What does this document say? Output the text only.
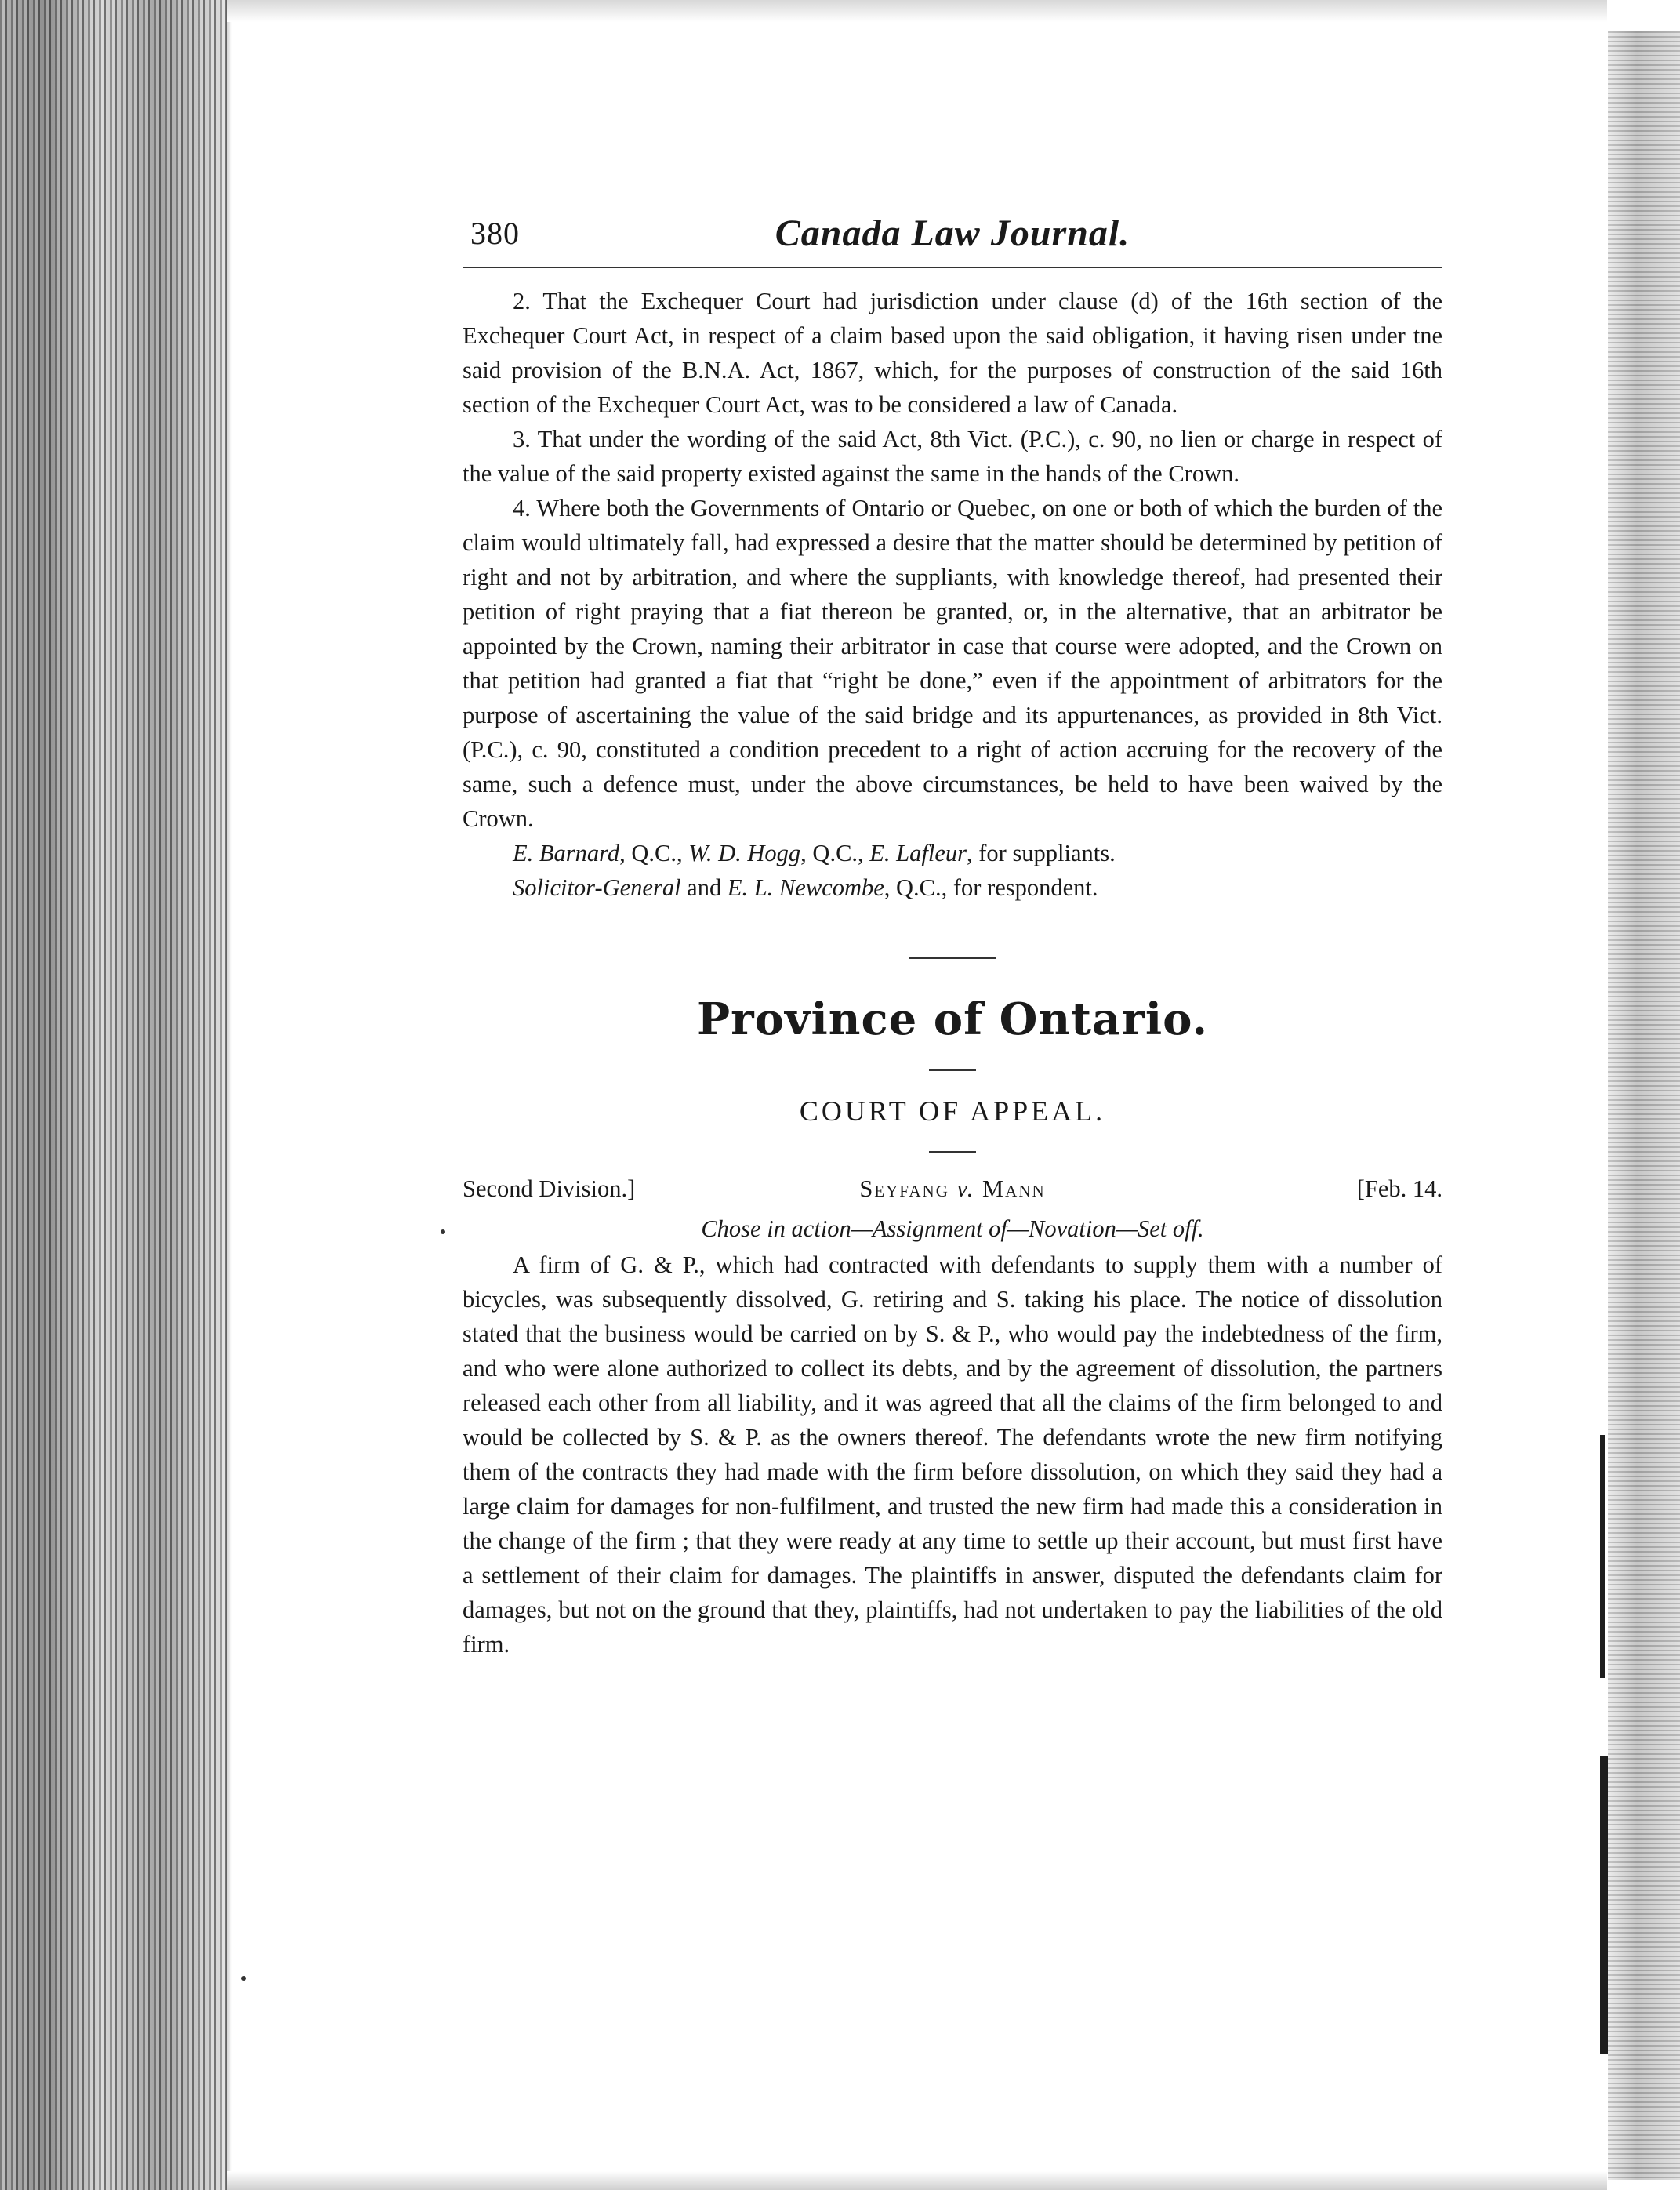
380	Canada Law Journal.

2. That the Exchequer Court had jurisdiction under clause (d) of the 16th section of the Exchequer Court Act, in respect of a claim based upon the said obligation, it having risen under tne said provision of the B.N.A. Act, 1867, which, for the purposes of construction of the said 16th section of the Exchequer Court Act, was to be considered a law of Canada.

3. That under the wording of the said Act, 8th Vict. (P.C.), c. 90, no lien or charge in respect of the value of the said property existed against the same in the hands of the Crown.

4. Where both the Governments of Ontario or Quebec, on one or both of which the burden of the claim would ultimately fall, had expressed a desire that the matter should be determined by petition of right and not by arbitration, and where the suppliants, with knowledge thereof, had presented their petition of right praying that a fiat thereon be granted, or, in the alternative, that an arbitrator be appointed by the Crown, naming their arbitrator in case that course were adopted, and the Crown on that petition had granted a fiat that “right be done,” even if the appointment of arbitrators for the purpose of ascertaining the value of the said bridge and its appurtenances, as provided in 8th Vict. (P.C.), c. 90, constituted a condition precedent to a right of action accruing for the recovery of the same, such a defence must, under the above circumstances, be held to have been waived by the Crown.

E. Barnard, Q.C., W. D. Hogg, Q.C., E. Lafleur, for suppliants.

Solicitor-General and E. L. Newcombe, Q.C., for respondent.

Province of Ontario.
COURT OF APPEAL.
Second Division.]	Seyfang v. Mann	[Feb. 14.
Chose in action—Assignment of—Novation—Set off.

A firm of G. & P., which had contracted with defendants to supply them with a number of bicycles, was subsequently dissolved, G. retiring and S. taking his place. The notice of dissolution stated that the business would be carried on by S. & P., who would pay the indebtedness of the firm, and who were alone authorized to collect its debts, and by the agreement of dissolution, the partners released each other from all liability, and it was agreed that all the claims of the firm belonged to and would be collected by S. & P. as the owners thereof. The defendants wrote the new firm notifying them of the contracts they had made with the firm before dissolution, on which they said they had a large claim for damages for non-fulfilment, and trusted the new firm had made this a consideration in the change of the firm ; that they were ready at any time to settle up their account, but must first have a settlement of their claim for damages. The plaintiffs in answer, disputed the defendants claim for damages, but not on the ground that they, plaintiffs, had not undertaken to pay the liabilities of the old firm.
